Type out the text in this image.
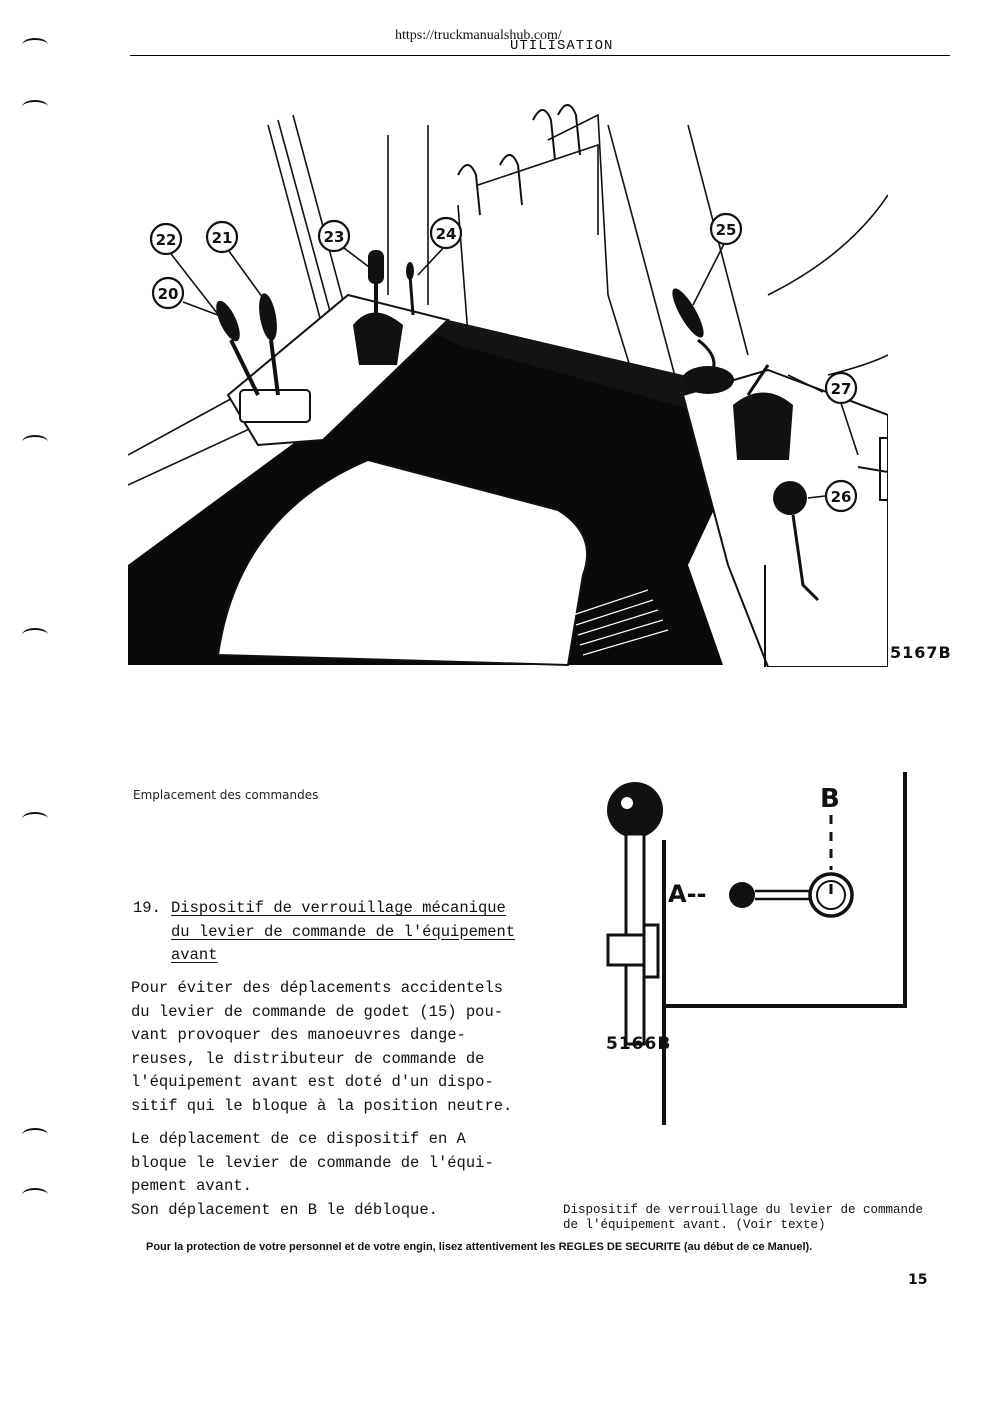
https://truckmanualshub.com/
UTILISATION
22 21
20
23	24	25
27
26
5167B
Emplacement des commandes
19. Dispositif de verrouillage mécanique
du levier de commande de l'équipement
avant
Pour éviter des déplacements accidentels
du levier de commande de godet (15) pou-
vant provoquer des manoeuvres dange-
reuses, le distributeur de commande de
l'équipement avant est doté d'un dispo-
sitif qui le bloque à la position neutre.
Le déplacement de ce dispositif en A
bloque le levier de commande de l'équi-
pement avant.
Son déplacement en B le débloque.
B
A--
5166B
Dispositif de verrouillage du levier de commande
de l'équipement avant. (Voir texte)
Pour la protection de votre personnel et de votre engin, lisez attentivement les REGLES DE SECURITE (au début de ce Manuel).
15
